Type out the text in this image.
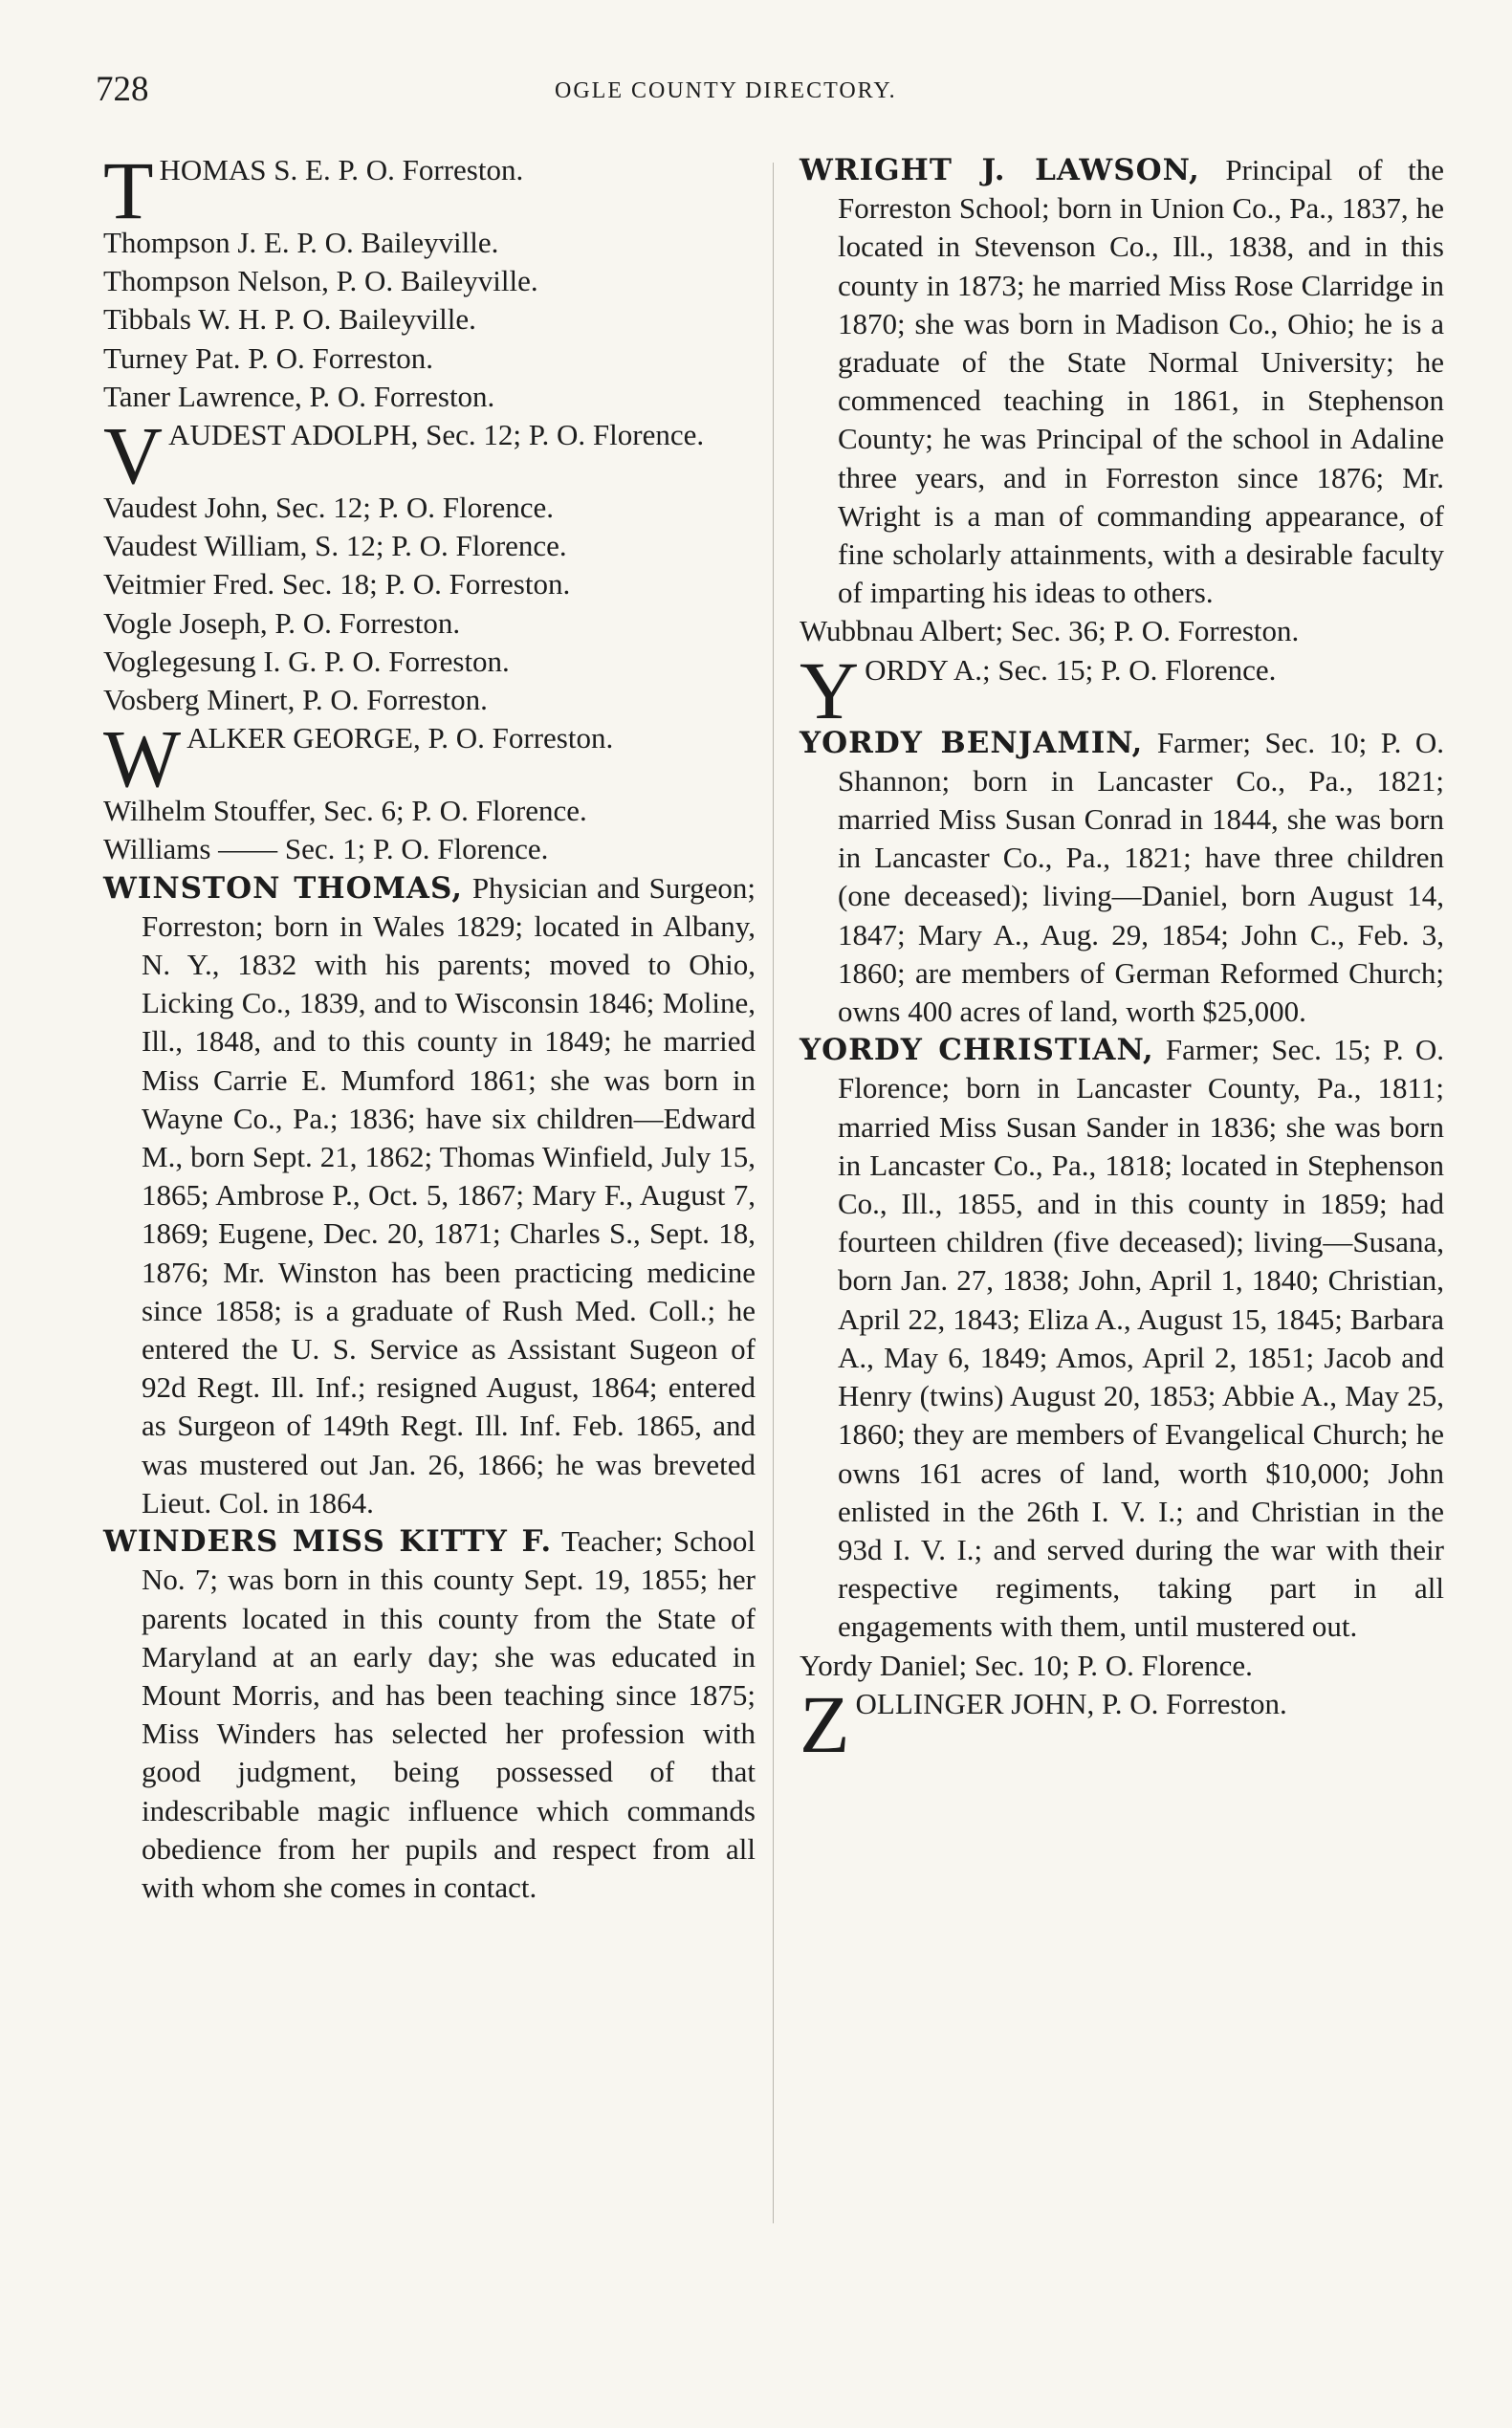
728	OGLE COUNTY DIRECTORY.
T HOMAS S. E. P. O. Forreston.

Thompson J. E. P. O. Baileyville.

Thompson Nelson, P. O. Baileyville.

Tibbals W. H. P. O. Baileyville.

Turney Pat. P. O. Forreston.

Taner Lawrence, P. O. Forreston.

V AUDEST ADOLPH, Sec. 12; P. O. Florence.

Vaudest John, Sec. 12; P. O. Florence.

Vaudest William, S. 12; P. O. Florence.

Veitmier Fred. Sec. 18; P. O. Forreston.

Vogle Joseph, P. O. Forreston.

Voglegesung I. G. P. O. Forreston.

Vosberg Minert, P. O. Forreston.

W ALKER GEORGE, P. O. Forreston.

Wilhelm Stouffer, Sec. 6; P. O. Florence.

Williams —— Sec. 1; P. O. Florence.

WINSTON THOMAS, Physician and Surgeon; Forreston; born in Wales 1829; located in Albany, N. Y., 1832 with his parents; moved to Ohio, Licking Co., 1839, and to Wisconsin 1846; Moline, Ill., 1848, and to this county in 1849; he married Miss Carrie E. Mumford 1861; she was born in Wayne Co., Pa.; 1836; have six children—Edward M., born Sept. 21, 1862; Thomas Winfield, July 15, 1865; Ambrose P., Oct. 5, 1867; Mary F., August 7, 1869; Eugene, Dec. 20, 1871; Charles S., Sept. 18, 1876; Mr. Winston has been practicing medicine since 1858; is a graduate of Rush Med. Coll.; he entered the U. S. Service as Assistant Sugeon of 92d Regt. Ill. Inf.; resigned August, 1864; entered as Surgeon of 149th Regt. Ill. Inf. Feb. 1865, and was mustered out Jan. 26, 1866; he was breveted Lieut. Col. in 1864.

WINDERS MISS KITTY F. Teacher; School No. 7; was born in this county Sept. 19, 1855; her parents located in this county from the State of Maryland at an early day; she was educated in Mount Morris, and has been teaching since 1875; Miss Winders has selected her profession with good judgment, being possessed of that indescribable magic influence which commands obedience from her pupils and respect from all with whom she comes in contact.

WRIGHT J. LAWSON, Principal of the Forreston School; born in Union Co., Pa., 1837, he located in Stevenson Co., Ill., 1838, and in this county in 1873; he married Miss Rose Clarridge in 1870; she was born in Madison Co., Ohio; he is a graduate of the State Normal University; he commenced teaching in 1861, in Stephenson County; he was Principal of the school in Adaline three years, and in Forreston since 1876; Mr. Wright is a man of commanding appearance, of fine scholarly attainments, with a desirable faculty of imparting his ideas to others.

Wubbnau Albert; Sec. 36; P. O. Forreston.

Y ORDY A.; Sec. 15; P. O. Florence.

YORDY BENJAMIN, Farmer; Sec. 10; P. O. Shannon; born in Lancaster Co., Pa., 1821; married Miss Susan Conrad in 1844, she was born in Lancaster Co., Pa., 1821; have three children (one deceased); living—Daniel, born August 14, 1847; Mary A., Aug. 29, 1854; John C., Feb. 3, 1860; are members of German Reformed Church; owns 400 acres of land, worth $25,000.

YORDY CHRISTIAN, Farmer; Sec. 15; P. O. Florence; born in Lancaster County, Pa., 1811; married Miss Susan Sander in 1836; she was born in Lancaster Co., Pa., 1818; located in Stephenson Co., Ill., 1855, and in this county in 1859; had fourteen children (five deceased); living—Susana, born Jan. 27, 1838; John, April 1, 1840; Christian, April 22, 1843; Eliza A., August 15, 1845; Barbara A., May 6, 1849; Amos, April 2, 1851; Jacob and Henry (twins) August 20, 1853; Abbie A., May 25, 1860; they are members of Evangelical Church; he owns 161 acres of land, worth $10,000; John enlisted in the 26th I. V. I.; and Christian in the 93d I. V. I.; and served during the war with their respective regiments, taking part in all engagements with them, until mustered out.

Yordy Daniel; Sec. 10; P. O. Florence.

Z OLLINGER JOHN, P. O. Forreston.
